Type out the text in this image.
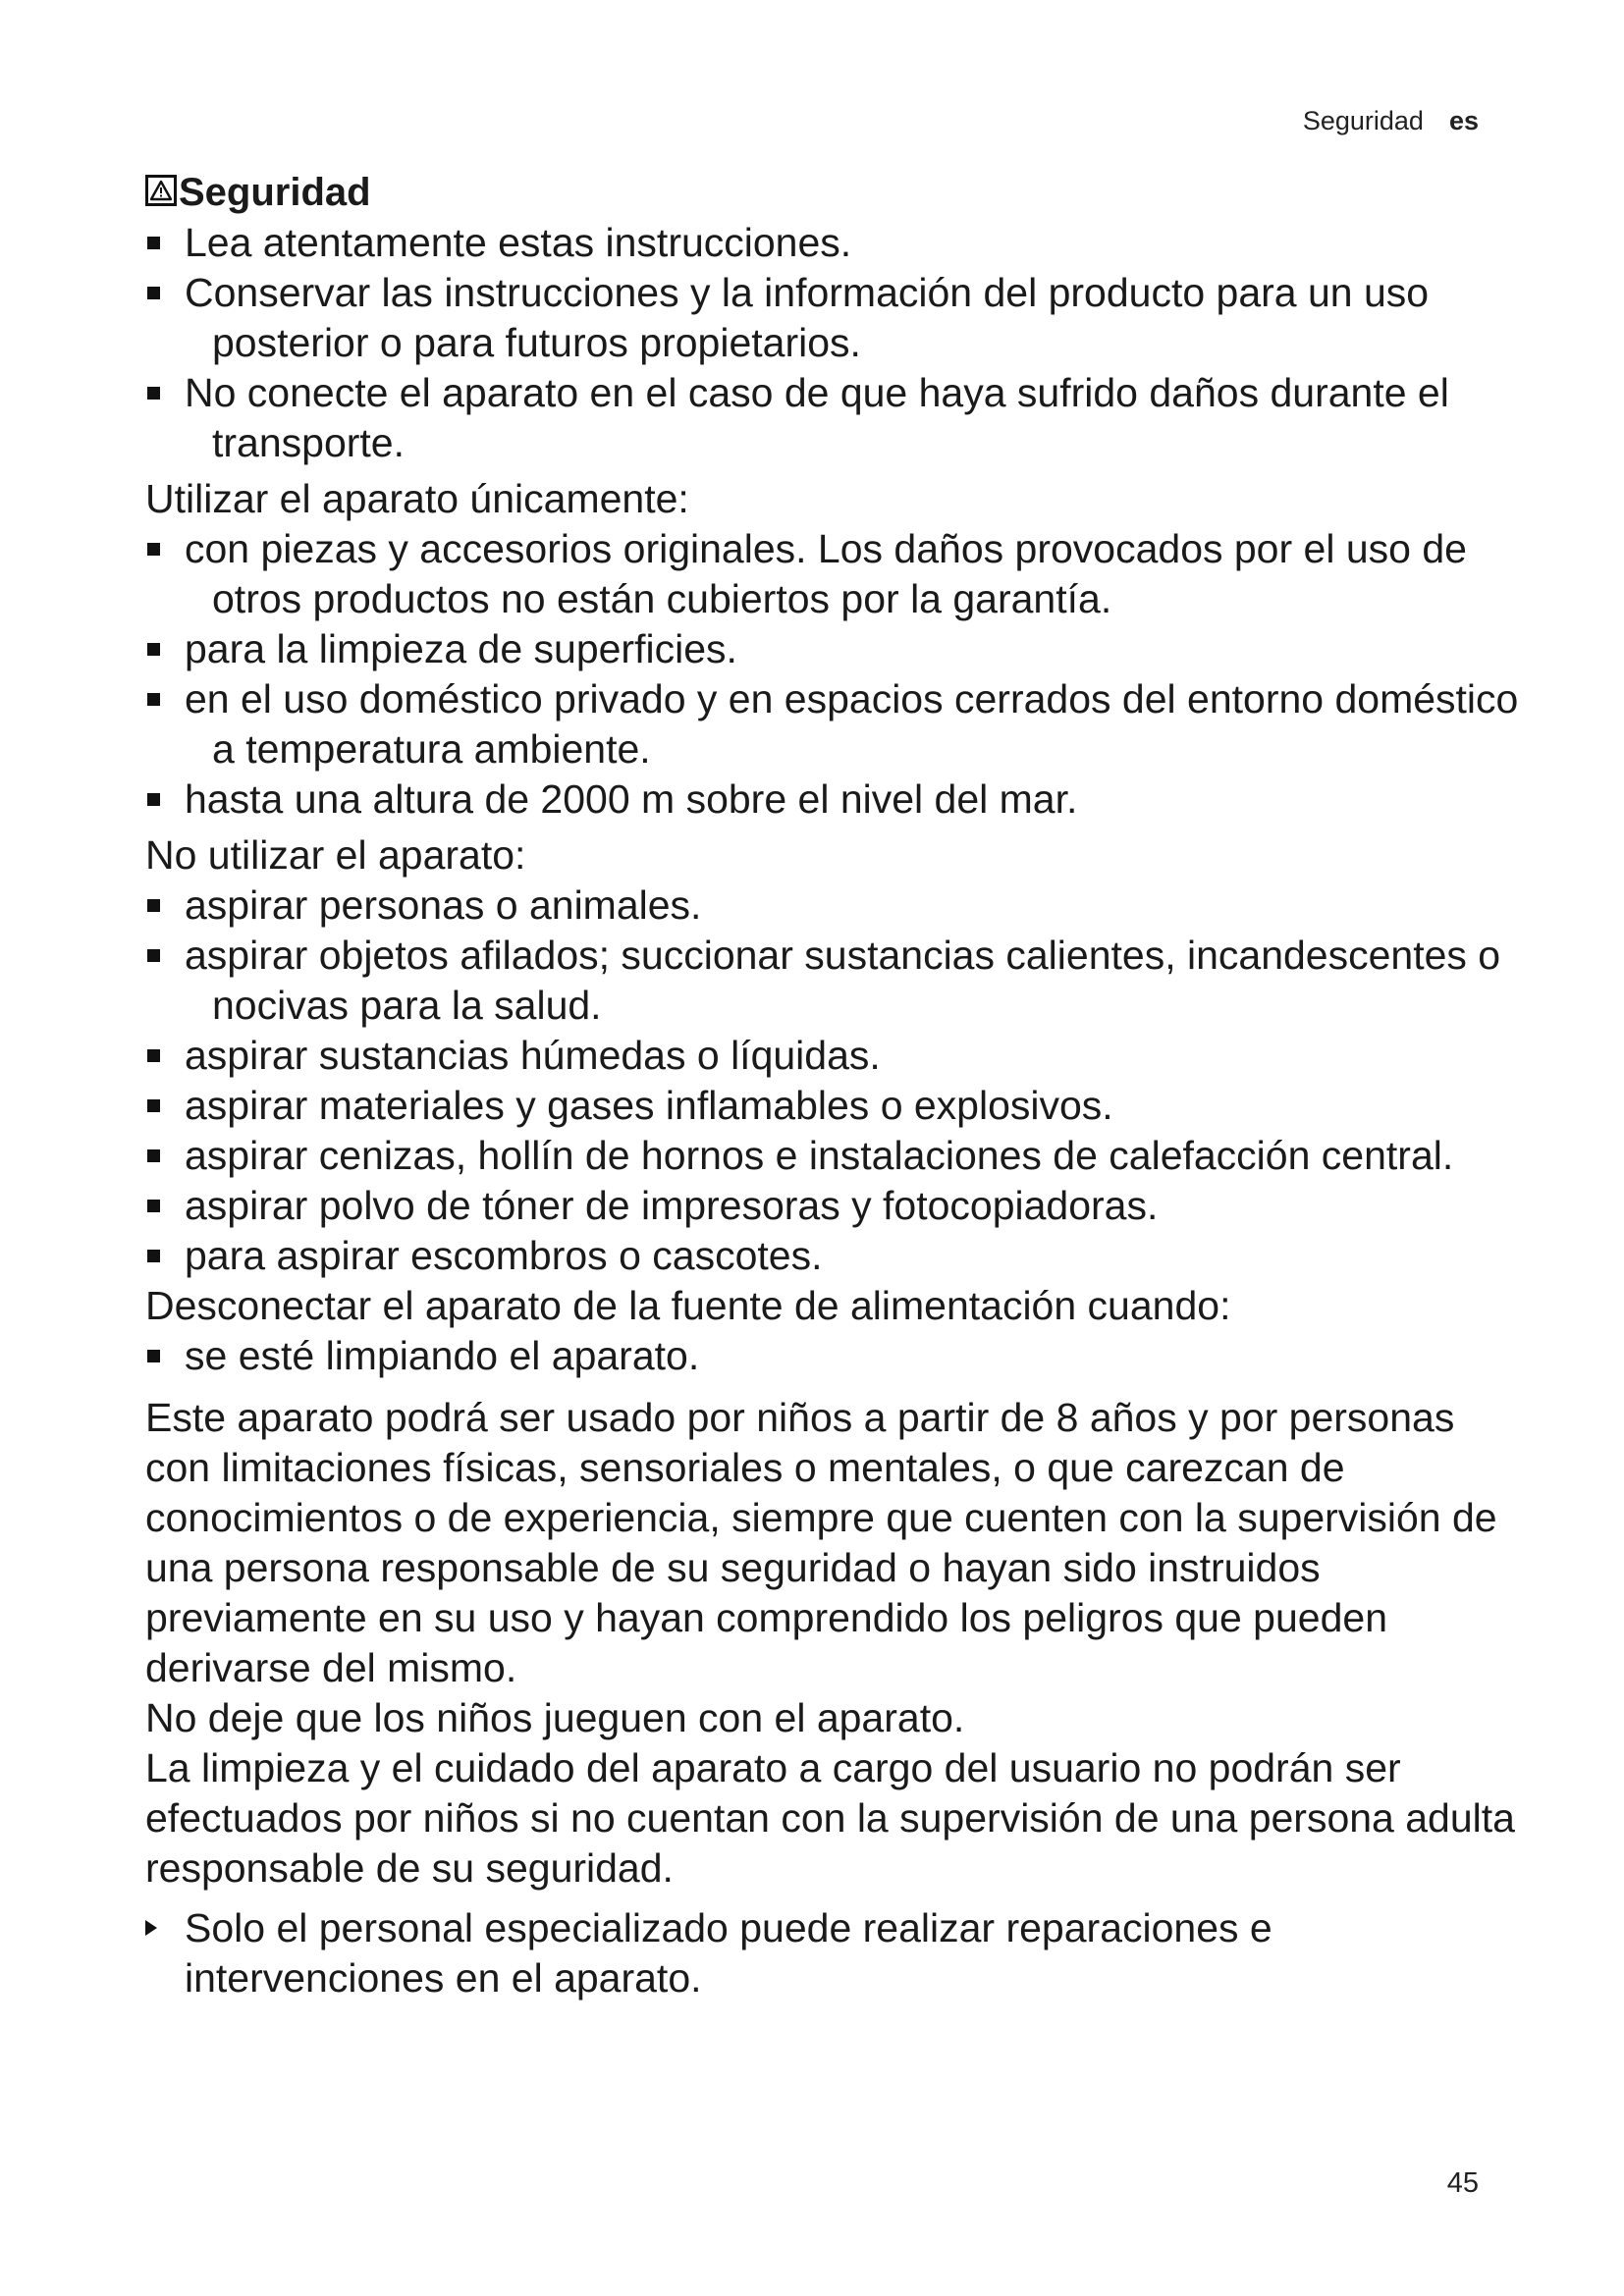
Seguridad es
Seguridad
Lea atentamente estas instrucciones.
Conservar las instrucciones y la información del producto para un uso posterior o para futuros propietarios.
No conecte el aparato en el caso de que haya sufrido daños durante el transporte.

Utilizar el aparato únicamente:

con piezas y accesorios originales. Los daños provocados por el uso de otros productos no están cubiertos por la garantía.
para la limpieza de superficies.
en el uso doméstico privado y en espacios cerrados del entorno doméstico a temperatura ambiente.
hasta una altura de 2000 m sobre el nivel del mar.

No utilizar el aparato:

aspirar personas o animales.
aspirar objetos afilados; succionar sustancias calientes, incandescentes o nocivas para la salud.
aspirar sustancias húmedas o líquidas.
aspirar materiales y gases inflamables o explosivos.
aspirar cenizas, hollín de hornos e instalaciones de calefacción central.
aspirar polvo de tóner de impresoras y fotocopiadoras.
para aspirar escombros o cascotes.

Desconectar el aparato de la fuente de alimentación cuando:

se esté limpiando el aparato.

Este aparato podrá ser usado por niños a partir de 8 años y por personas con limitaciones físicas, sensoriales o mentales, o que carezcan de conocimientos o de experiencia, siempre que cuenten con la supervisión de una persona responsable de su seguridad o hayan sido instruidos previamente en su uso y hayan comprendido los peligros que pueden derivarse del mismo.

No deje que los niños jueguen con el aparato.

La limpieza y el cuidado del aparato a cargo del usuario no podrán ser efectuados por niños si no cuentan con la supervisión de una persona adulta responsable de su seguridad.

Solo el personal especializado puede realizar reparaciones e intervenciones en el aparato.
45
